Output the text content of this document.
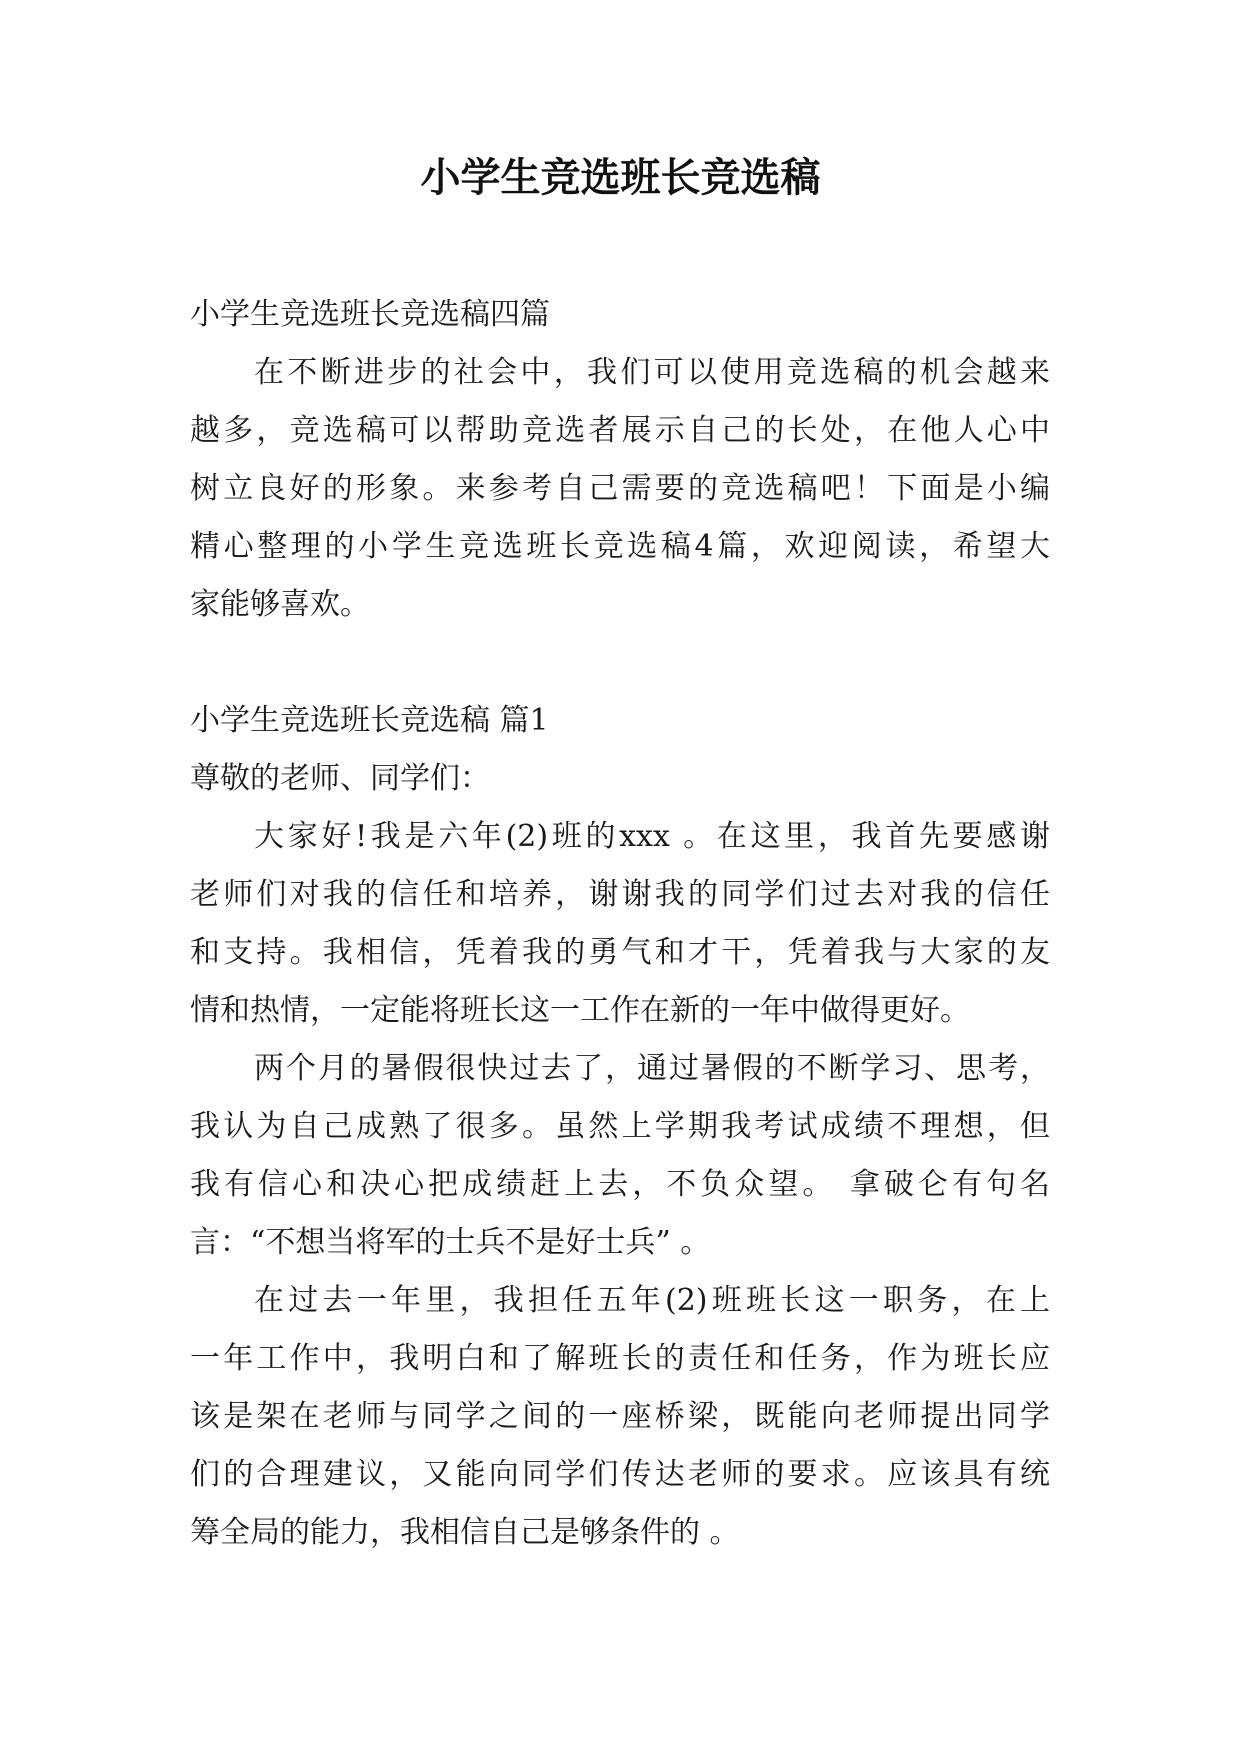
小学生竞选班长竞选稿
小学生竞选班长竞选稿四篇
在不断进步的社会中，我们可以使用竞选稿的机会越来
越多，竞选稿可以帮助竞选者展示自己的长处，在他人心中
树立良好的形象。来参考自己需要的竞选稿吧！下面是小编
精心整理的小学生竞选班长竞选稿4篇，欢迎阅读，希望大
家能够喜欢。
小学生竞选班长竞选稿 篇1
尊敬的老师、同学们：
大家好!我是六年(2)班的xxx 。在这里，我首先要感谢
老师们对我的信任和培养，谢谢我的同学们过去对我的信任
和支持。我相信，凭着我的勇气和才干，凭着我与大家的友
情和热情，一定能将班长这一工作在新的一年中做得更好。
两个月的暑假很快过去了，通过暑假的不断学习、思考，
我认为自己成熟了很多。虽然上学期我考试成绩不理想，但
我有信心和决心把成绩赶上去，不负众望。 拿破仑有句名
言：“不想当将军的士兵不是好士兵” 。
在过去一年里，我担任五年(2)班班长这一职务，在上
一年工作中，我明白和了解班长的责任和任务，作为班长应
该是架在老师与同学之间的一座桥梁，既能向老师提出同学
们的合理建议，又能向同学们传达老师的要求。应该具有统
筹全局的能力，我相信自己是够条件的 。
